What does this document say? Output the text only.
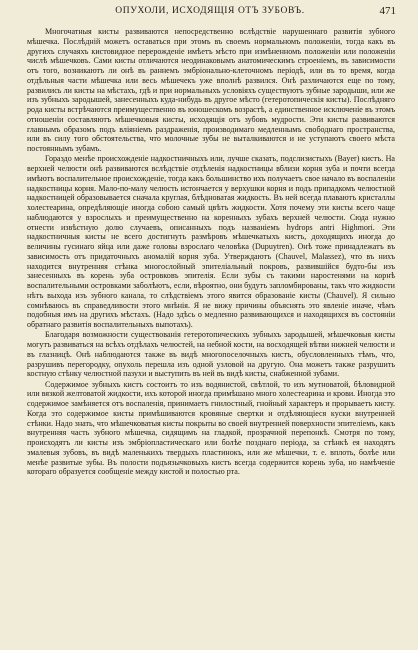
ОПУХОЛИ, ИСХОДЯЩІЯ ОТЪ ЗУБОВЪ.	471

Многочатныя кисты развиваются непосредственно вслѣдствіе нарушеннаго развитія зубного мѣшечка. Послѣдній можетъ оставаться при этомъ въ своемъ нормальномъ положеніи, тогда какъ въ другихъ случаяхъ кистовидное перерожденіе имѣетъ мѣсто при измѣненномъ положеніи или положеніи числѣ мѣшечковъ. Сами кисты отличаются неодинаковымъ анатомическимъ строеніемъ, въ зависимости отъ того, возникаютъ ли онѣ въ раннемъ эмбріонально-клеточномъ періодѣ, или въ то время, когда отдѣльныя части мѣшечка или весь мѣшечекъ уже вполнѣ развился. Онѣ различаются еще по тому, развились ли кисты на мѣстахъ, гдѣ и при нормальныхъ условіяхъ существуютъ зубные зародыши, или же изъ зубныхъ зародышей, занесенныхъ куда-нибудь въ другое мѣсто (гетеротопическія кисты). Послѣдняго рода кисты встрѣчаются преимущественно въ юношескомъ возрастѣ, а единственное исключеніе въ этомъ отношеніи составляютъ мѣшечковыя кисты, исходящія отъ зубовъ мудрости. Эти кисты развиваются главнымъ образомъ подъ вліяніемъ раздраженія, производимаго медленнымъ свободнаго пространства, или въ силу того обстоятельства, что молочные зубы не выталкиваются и не уступаютъ своего мѣста постояннымъ зубамъ.

Гораздо менѣе происхожденіе надкостничныхъ или, лучше сказать, подслизистыхъ (Bayer) кистъ. На верхней челюсти онѣ развиваются вслѣдствіе отдѣленія надкостницы вблизи корня зуба и почти всегда имѣютъ воспалительное происхожденіе, тогда какъ большинство ихъ получаетъ свое начало въ воспаленіи надкостницы корня. Мало-по-малу челюсть истончается у верхушки корня и подъ припадкомъ челюстной надкостницей образовывается сначала круглая, блѣдноватая жидкость. Въ ней всегда плаваютъ кристаллы холестеарина, опредѣляющіе иногда собою самый цвѣтъ жидкости. Хотя почему эти кисты всего чаще наблюдаются у взрослыхъ и преимущественно на коренныхъ зубахъ верхней челюсти. Сюда нужно отнести извѣстную долю случаевъ, описанныхъ подъ названіемъ hydrops antri Highmori. Эти надкостничныя кисты не всего достигнуть размѣровъ мѣшечкатыхъ кистъ, доходящихъ иногда до величины гусинаго яйца или даже головы взрослаго человѣка (Dupuytren). Онѣ тоже принадлежатъ въ зависимость отъ придаточныхъ аномалій корня зуба. Утверждаютъ (Chauvel, Malassez), что въ нихъ находится внутренняя стѣнка многослойный эпителіальный покровъ, развившійся будто-бы изъ занесенныхъ въ корень зуба островковъ эпителія. Если зубы съ такими наростенями на корнѣ воспалительными островками заболѣютъ, если, вѣроятно, они будутъ запломбированы, такъ что жидкости нѣтъ выхода изъ зубного канала, то слѣдствіемъ этого явится образованіе кисты (Chauvel). Я сильно сомнѣваюсь въ справедливости этого мнѣнія. Я не вижу причины объяснять это явленіе иначе, чѣмъ подобныя имъ на другихъ мѣстахъ. (Надо здѣсь о медленно развивающихся и находящихся въ состояніи обратнаго развитія воспалительныхъ выпотахъ).

Благодаря возможности существованія гетеротопическихъ зубныхъ зародышей, мѣшечковыя кисты могутъ развиваться на всѣхъ отдѣлахъ челюстей, на небной кости, на восходящей вѣтви нижней челюсти и въ глазницѣ. Онѣ наблюдаются также въ видѣ многопоселочныхъ кистъ, обусловленныхъ тѣмъ, что, разрушивъ перегородку, опухоль перешла изъ одной узловой на другую. Она можетъ также разрушить костную стѣнку челюстной пазухи и выступить въ ней въ видѣ кисты, снабженной зубами.

Содержимое зубныхъ кистъ состоитъ то изъ водянистой, свѣтлой, то изъ мутноватой, бѣловидной или вязкой желтоватой жидкости, ихъ которой иногда примѣшано много холестеарина и крови. Иногда это содержимое замѣняется отъ воспаленія, принимаетъ гнилостный, гнойный характеръ и прорываетъ кисту. Когда это содержимое кисты примѣшиваются кровяные свертки и отдѣляющіеся куски внутренней стѣнки. Надо знать, что мѣшечковатыя кисты покрыты во своей внутренней поверхности эпителіемъ, какъ внутренняя часть зубного мѣшечка, сидящимъ на гладкой, прозрачной перепонкѣ. Смотря по тому, происходятъ ли кисты изъ эмбріопластическаго или болѣе позднаго періода, за стѣнкѣ ея находятъ эмалевыя зубовъ, въ видѣ маленькихъ твердыхъ пластинокъ, или же мѣшечки, т. е. вплоть, болѣе или менѣе развитые зубы. Въ полости подъязычковыхъ кистъ всегда содержится корень зуба, но намѣченіе котораго образуется сообщеніе между кистой и полостью рта.
